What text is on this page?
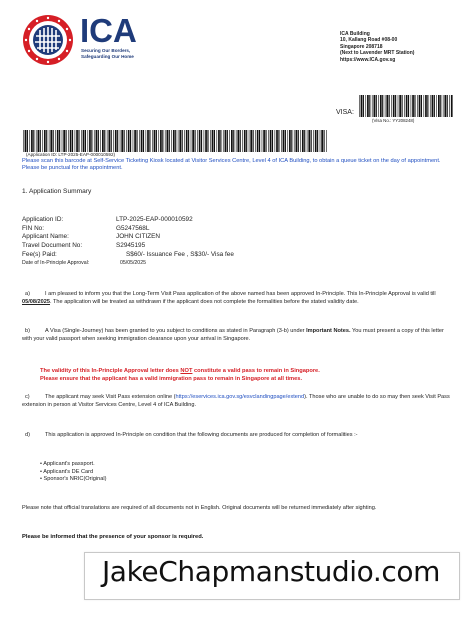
ICA
Securing Our Borders,
Safeguarding Our Home
ICA Building
10, Kallang Road #08-00
Singapore 208718
(Next to Lavender MRT Station)
https://www.ICA.gov.sg
VISA:
(Visa No.: YY208248)
(Application ID: LTP-2025-EAP-000010592)
Please scan this barcode at Self-Service Ticketing Kiosk located at Visitor Services Centre, Level 4 of ICA Building, to obtain a queue ticket on the day of appointment. Please be punctual for the appointment.
1. Application Summary
Application ID:	LTP-2025-EAP-000010592
FIN No:	G5247568L
Applicant Name:	JOHN CITIZEN
Travel Document No:	S2945195
Fee(s) Paid:	S$60/- Issuance Fee , S$30/- Visa fee
Date of In-Principle Approval:	05/05/2025
a)	I am pleased to inform you that the Long-Term Visit Pass application of the above named has been approved In-Principle. This In-Principle Approval is valid till 05/08/2025. The application will be treated as withdrawn if the applicant does not complete the formalities before the stated validity date.
b)	A Visa (Single-Journey) has been granted to you subject to conditions as stated in Paragraph (3-b) under Important Notes. You must present a copy of this letter with your valid passport when seeking immigration clearance upon your arrival in Singapore.
The validity of this In-Principle Approval letter does NOT constitute a valid pass to remain in Singapore.
Please ensure that the applicant has a valid immigration pass to remain in Singapore at all times.
c)	The applicant may seek Visit Pass extension online (https://eservices.ica.gov.sg/esvclandingpage/extend). Those who are unable to do so may then seek Visit Pass extension in person at Visitor Services Centre, Level 4 of ICA Building.
d)	This application is approved In-Principle on condition that the following documents are produced for completion of formalities :-
• Applicant's passport.
• Applicant's DE Card
• Sponsor's NRIC(Original)
Please note that official translations are required of all documents not in English. Original documents will be returned immediately after sighting.
Please be informed that the presence of your sponsor is required.
JakeChapmanstudio.com
